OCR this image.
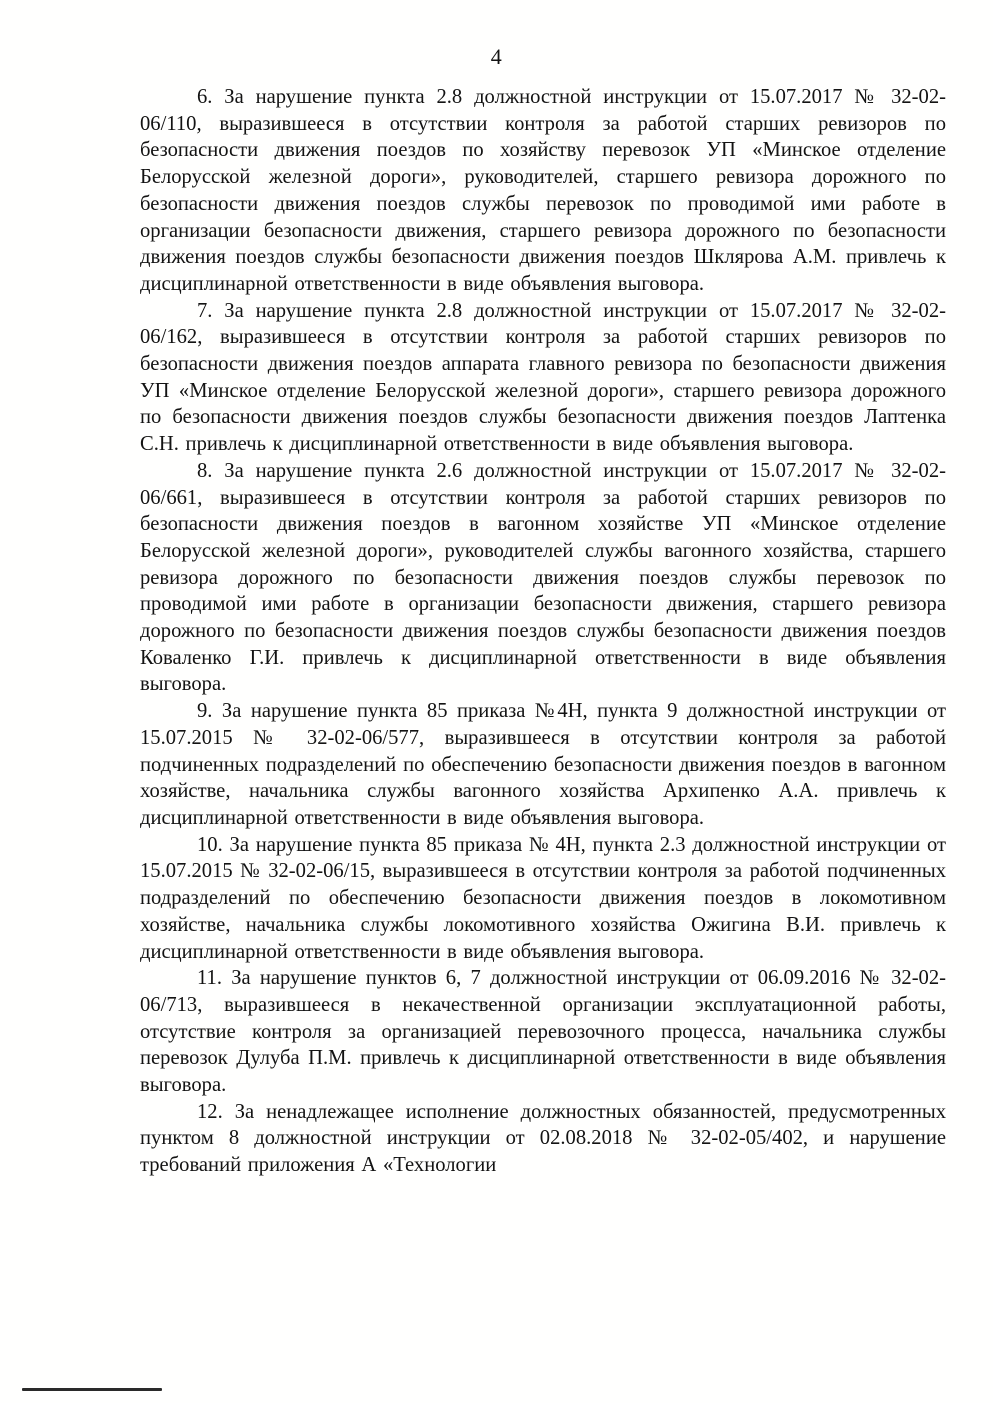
4

6. За нарушение пункта 2.8 должностной инструкции от 15.07.2017 № 32-02-06/110, выразившееся в отсутствии контроля за работой старших ревизоров по безопасности движения поездов по хозяйству перевозок УП «Минское отделение Белорусской железной дороги», руководителей, старшего ревизора дорожного по безопасности движения поездов службы перевозок по проводимой ими работе в организации безопасности движения, старшего ревизора дорожного по безопасности движения поездов службы безопасности движения поездов Шклярова А.М. привлечь к дисциплинарной ответственности в виде объявления выговора.

7. За нарушение пункта 2.8 должностной инструкции от 15.07.2017 № 32-02-06/162, выразившееся в отсутствии контроля за работой старших ревизоров по безопасности движения поездов аппарата главного ревизора по безопасности движения УП «Минское отделение Белорусской железной дороги», старшего ревизора дорожного по безопасности движения поездов службы безопасности движения поездов Лаптенка С.Н. привлечь к дисциплинарной ответственности в виде объявления выговора.

8. За нарушение пункта 2.6 должностной инструкции от 15.07.2017 № 32-02-06/661, выразившееся в отсутствии контроля за работой старших ревизоров по безопасности движения поездов в вагонном хозяйстве УП «Минское отделение Белорусской железной дороги», руководителей службы вагонного хозяйства, старшего ревизора дорожного по безопасности движения поездов службы перевозок по проводимой ими работе в организации безопасности движения, старшего ревизора дорожного по безопасности движения поездов службы безопасности движения поездов Коваленко Г.И. привлечь к дисциплинарной ответственности в виде объявления выговора.

9. За нарушение пункта 85 приказа №4Н, пункта 9 должностной инструкции от 15.07.2015 № 32-02-06/577, выразившееся в отсутствии контроля за работой подчиненных подразделений по обеспечению безопасности движения поездов в вагонном хозяйстве, начальника службы вагонного хозяйства Архипенко А.А. привлечь к дисциплинарной ответственности в виде объявления выговора.

10. За нарушение пункта 85 приказа № 4Н, пункта 2.3 должностной инструкции от 15.07.2015 № 32-02-06/15, выразившееся в отсутствии контроля за работой подчиненных подразделений по обеспечению безопасности движения поездов в локомотивном хозяйстве, начальника службы локомотивного хозяйства Ожигина В.И. привлечь к дисциплинарной ответственности в виде объявления выговора.

11. За нарушение пунктов 6, 7 должностной инструкции от 06.09.2016 № 32-02-06/713, выразившееся в некачественной организации эксплуатационной работы, отсутствие контроля за организацией перевозочного процесса, начальника службы перевозок Дулуба П.М. привлечь к дисциплинарной ответственности в виде объявления выговора.

12. За ненадлежащее исполнение должностных обязанностей, предусмотренных пунктом 8 должностной инструкции от 02.08.2018 № 32-02-05/402, и нарушение требований приложения А «Технологии
